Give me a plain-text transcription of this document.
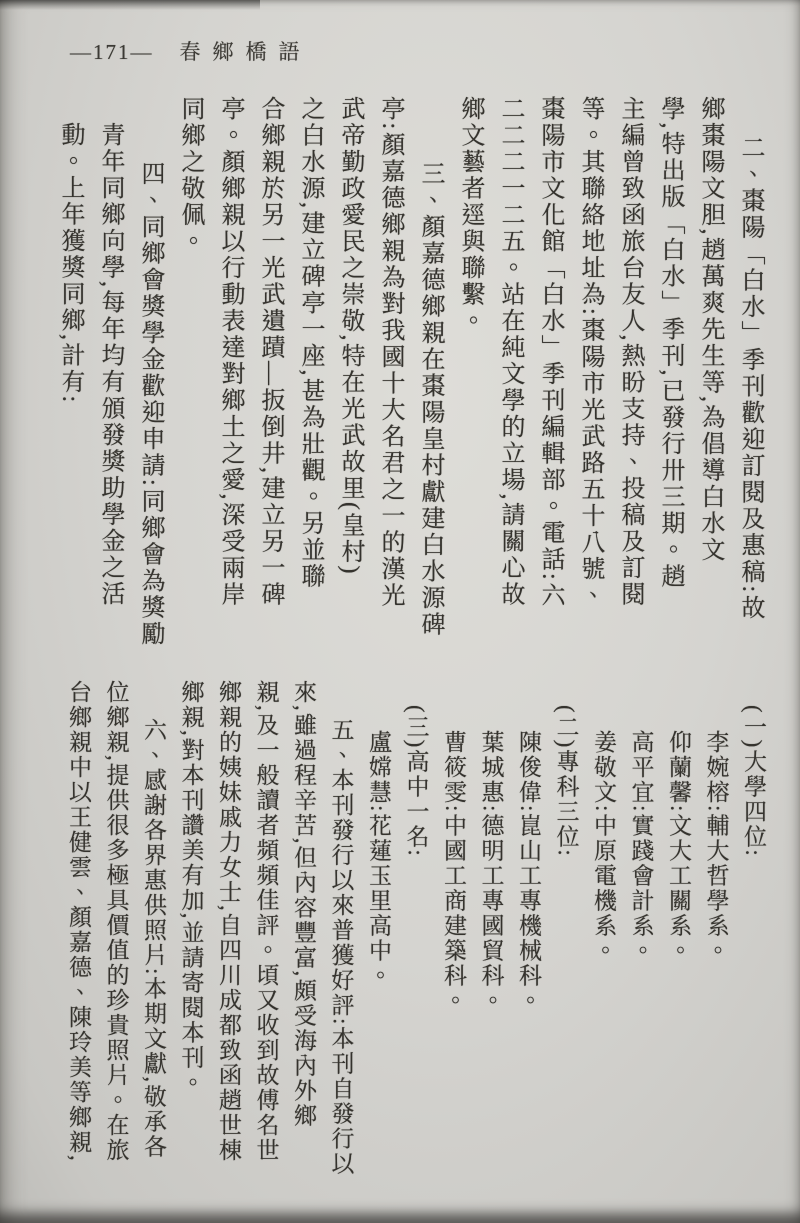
—171— 春鄉橋語
二、棗陽「白水」季刊歡迎訂閱及惠稿:故
鄉棗陽文胆,趙萬爽先生等,為倡導白水文
學,特出版「白水」季刊,已發行卅三期。趙
主編曾致函旅台友人,熱盼支持、投稿及訂閱
等。其聯絡地址為:棗陽市光武路五十八號、
棗陽市文化館「白水」季刊編輯部。電話:六
二二二一二五。站在純文學的立場,請關心故
鄉文藝者逕與聯繫。
三、顏嘉德鄉親在棗陽皇村獻建白水源碑
亭:顏嘉德鄉親為對我國十大名君之一的漢光
武帝勤政愛民之崇敬,特在光武故里(皇村)
之白水源,建立碑亭一座,甚為壯觀。另並聯
合鄉親於另一光武遺蹟—扳倒井,建立另一碑
亭。顏鄉親以行動表達對鄉土之愛,深受兩岸
同鄉之敬佩。
四、同鄉會獎學金歡迎申請:同鄉會為獎勵
青年同鄉向學,每年均有頒發獎助學金之活
動。上年獲獎同鄉,計有:
(一)大學四位:
李婉榕:輔大哲學系。
仰蘭馨:文大工關系。
高平宜:實踐會計系。
姜敬文:中原電機系。
(二)專科三位:
陳俊偉:崑山工專機械科。
葉城惠:德明工專國貿科。
曹筱雯:中國工商建築科。
(三)高中一名:
盧嫦慧:花蓮玉里高中。
五、本刊發行以來普獲好評:本刊自發行以
來,雖過程辛苦,但內容豐富,頗受海內外鄉
親,及一般讀者頻頻佳評。頃又收到故傅名世
鄉親的姨妹戚力女士,自四川成都致函趙世棟
鄉親,對本刊讚美有加,並請寄閱本刊。
六、感謝各界惠供照片:本期文獻,敬承各
位鄉親,提供很多極具價值的珍貴照片。在旅
台鄉親中以王健雲、顏嘉德、陳玲美等鄉親,
